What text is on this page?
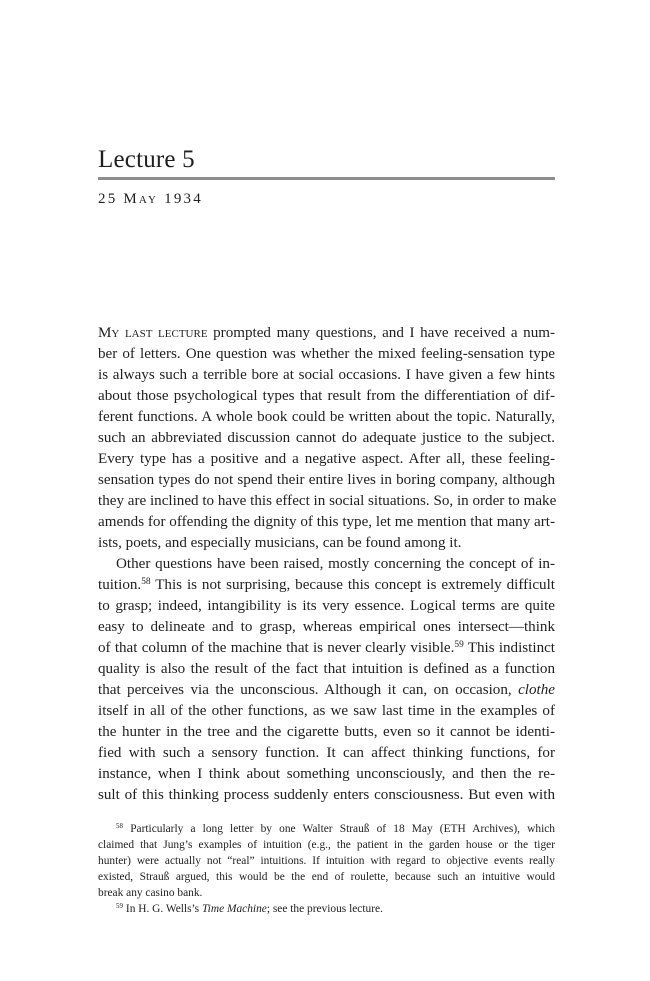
Lecture 5
25 May 1934
My last lecture prompted many questions, and I have received a num-
ber of letters. One question was whether the mixed feeling-sensation type
is always such a terrible bore at social occasions. I have given a few hints
about those psychological types that result from the differentiation of dif-
ferent functions. A whole book could be written about the topic. Naturally,
such an abbreviated discussion cannot do adequate justice to the subject.
Every type has a positive and a negative aspect. After all, these feeling-
sensation types do not spend their entire lives in boring company, although
they are inclined to have this effect in social situations. So, in order to make
amends for offending the dignity of this type, let me mention that many art-
ists, poets, and especially musicians, can be found among it.
Other questions have been raised, mostly concerning the concept of in-
tuition.$^{58}$ This is not surprising, because this concept is extremely difficult
to grasp; indeed, intangibility is its very essence. Logical terms are quite
easy to delineate and to grasp, whereas empirical ones intersect—think
of that column of the machine that is never clearly visible.$^{59}$ This indistinct
quality is also the result of the fact that intuition is defined as a function
that perceives via the unconscious. Although it can, on occasion, clothe
itself in all of the other functions, as we saw last time in the examples of
the hunter in the tree and the cigarette butts, even so it cannot be identi-
fied with such a sensory function. It can affect thinking functions, for
instance, when I think about something unconsciously, and then the re-
sult of this thinking process suddenly enters consciousness. But even with
$^{58}$ Particularly a long letter by one Walter Strauß of 18 May (ETH Archives), which
claimed that Jung’s examples of intuition (e.g., the patient in the garden house or the tiger
hunter) were actually not “real” intuitions. If intuition with regard to objective events really
existed, Strauß argued, this would be the end of roulette, because such an intuitive would
break any casino bank.
$^{59}$ In H. G. Wells’s Time Machine; see the previous lecture.
